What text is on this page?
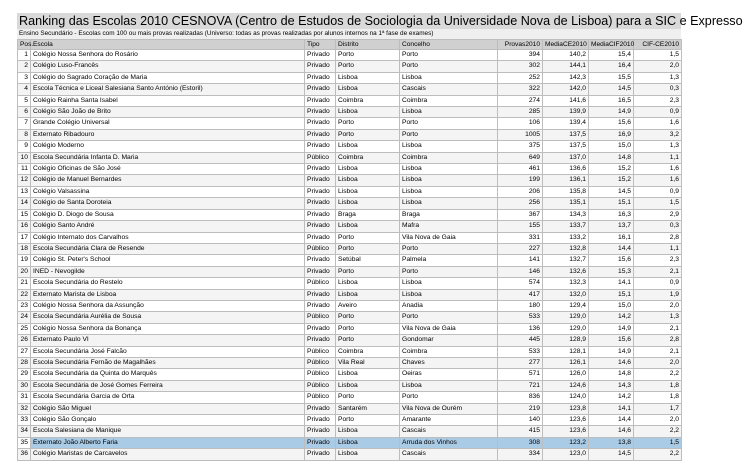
Ranking das Escolas 2010 CESNOVA (Centro de Estudos de Sociologia da Universidade Nova de Lisboa) para a SIC e Expresso
Ensino Secundário - Escolas com 100 ou mais provas realizadas (Universo: todas as provas realizadas por alunos internos na 1ª fase de exames)
Pos.	Escola	Tipo	Distrito	Concelho	Provas2010	MediaCE2010	MediaCIF2010	CIF-CE2010
1	Colégio Nossa Senhora do Rosário	Privado	Porto	Porto	394	140,2	15,4	1,5
2	Colégio Luso-Francês	Privado	Porto	Porto	302	144,1	16,4	2,0
3	Colégio do Sagrado Coração de Maria	Privado	Lisboa	Lisboa	252	142,3	15,5	1,3
4	Escola Técnica e Liceal Salesiana Santo António (Estoril)	Privado	Lisboa	Cascais	322	142,0	14,5	0,3
5	Colégio Rainha Santa Isabel	Privado	Coimbra	Coimbra	274	141,6	16,5	2,3
6	Colégio São João de Brito	Privado	Lisboa	Lisboa	285	139,9	14,9	0,9
7	Grande Colégio Universal	Privado	Porto	Porto	106	139,4	15,6	1,6
8	Externato Ribadouro	Privado	Porto	Porto	1005	137,5	16,9	3,2
9	Colégio Moderno	Privado	Lisboa	Lisboa	375	137,5	15,0	1,3
10	Escola Secundária Infanta D. Maria	Público	Coimbra	Coimbra	649	137,0	14,8	1,1
11	Colégio Oficinas de São José	Privado	Lisboa	Lisboa	461	136,6	15,2	1,6
12	Colégio de Manuel Bernardes	Privado	Lisboa	Lisboa	199	136,1	15,2	1,6
13	Colégio Valsassina	Privado	Lisboa	Lisboa	206	135,8	14,5	0,9
14	Colégio de Santa Doroteia	Privado	Lisboa	Lisboa	256	135,1	15,1	1,5
15	Colégio D. Diogo de Sousa	Privado	Braga	Braga	367	134,3	16,3	2,9
16	Colégio Santo André	Privado	Lisboa	Mafra	155	133,7	13,7	0,3
17	Colégio Internato dos Carvalhos	Privado	Porto	Vila Nova de Gaia	331	133,2	16,1	2,8
18	Escola Secundária Clara de Resende	Público	Porto	Porto	227	132,8	14,4	1,1
19	Colégio St. Peter's School	Privado	Setúbal	Palmela	141	132,7	15,6	2,3
20	INED - Nevogilde	Privado	Porto	Porto	146	132,6	15,3	2,1
21	Escola Secundária do Restelo	Público	Lisboa	Lisboa	574	132,3	14,1	0,9
22	Externato Marista de Lisboa	Privado	Lisboa	Lisboa	417	132,0	15,1	1,9
23	Colégio Nossa Senhora da Assunção	Privado	Aveiro	Anadia	180	129,4	15,0	2,0
24	Escola Secundária Aurélia de Sousa	Público	Porto	Porto	533	129,0	14,2	1,3
25	Colégio Nossa Senhora da Bonança	Privado	Porto	Vila Nova de Gaia	136	129,0	14,9	2,1
26	Externato Paulo VI	Privado	Porto	Gondomar	445	128,9	15,6	2,8
27	Escola Secundária José Falcão	Público	Coimbra	Coimbra	533	128,1	14,9	2,1
28	Escola Secundária Fernão de Magalhães	Público	Vila Real	Chaves	277	126,1	14,6	2,0
29	Escola Secundária da Quinta do Marquês	Público	Lisboa	Oeiras	571	126,0	14,8	2,2
30	Escola Secundária de José Gomes Ferreira	Público	Lisboa	Lisboa	721	124,6	14,3	1,8
31	Escola Secundária Garcia de Orta	Público	Porto	Porto	836	124,0	14,2	1,8
32	Colégio São Miguel	Privado	Santarém	Vila Nova de Ourém	219	123,8	14,1	1,7
33	Colégio São Gonçalo	Privado	Porto	Amarante	140	123,6	14,4	2,0
34	Escola Salesiana de Manique	Privado	Lisboa	Cascais	415	123,6	14,6	2,2
35	Externato João Alberto Faria	Privado	Lisboa	Arruda dos Vinhos	308	123,2	13,8	1,5
36	Colégio Maristas de Carcavelos	Privado	Lisboa	Cascais	334	123,0	14,5	2,2
